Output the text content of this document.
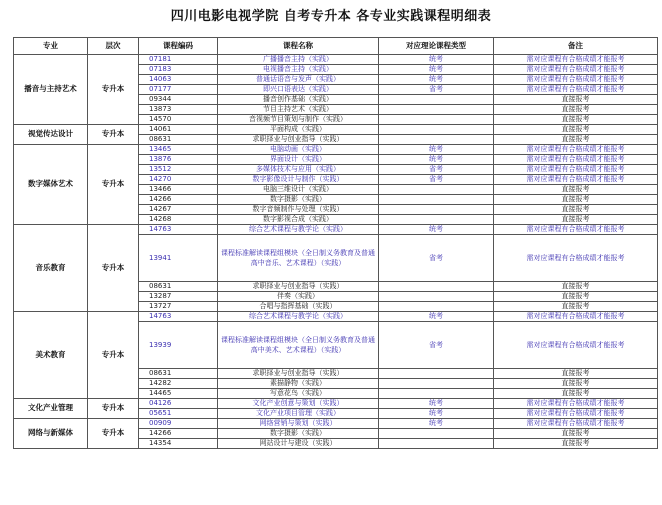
四川电影电视学院 自考专升本 各专业实践课程明细表
专业	层次	课程编码	课程名称	对应理论课程类型	备注
播音与主持艺术	专升本	07181	广播播音主持（实践）	统考	需对应课程有合格成绩才能报考
		07183	电视播音主持（实践）	统考	需对应课程有合格成绩才能报考
		14063	普通话语音与发声（实践）	统考	需对应课程有合格成绩才能报考
		07177	即兴口语表达（实践）	省考	需对应课程有合格成绩才能报考
		09344	播音创作基础（实践）		直接报考
		13873	节目主持艺术（实践）		直接报考
		14570	音视频节目策划与制作（实践）		直接报考
视觉传达设计	专升本	14061	平面构成（实践）		直接报考
		08631	求职择业与创业指导（实践）		直接报考
数字媒体艺术	专升本	13465	电脑动画（实践）	统考	需对应课程有合格成绩才能报考
		13876	界面设计（实践）	统考	需对应课程有合格成绩才能报考
		13512	多媒体技术与应用（实践）	省考	需对应课程有合格成绩才能报考
		14270	数字影像设计与制作（实践）	省考	需对应课程有合格成绩才能报考
		13466	电脑三维设计（实践）		直接报考
		14266	数字摄影（实践）		直接报考
		14267	数字音频制作与处理（实践）		直接报考
		14268	数字影视合成（实践）		直接报考
音乐教育	专升本	14763	综合艺术课程与教学论（实践）	统考	需对应课程有合格成绩才能报考
		13941	课程标准解读课程组模块（全日制义务教育及普通高中音乐、艺术课程）（实践）	省考	需对应课程有合格成绩才能报考
		08631	求职择业与创业指导（实践）		直接报考
		13287	伴奏（实践）		直接报考
		13727	合唱与指挥基础（实践）		直接报考
美术教育	专升本	14763	综合艺术课程与教学论（实践）	统考	需对应课程有合格成绩才能报考
		13939	课程标准解读课程组模块（全日制义务教育及普通高中美术、艺术课程）（实践）	省考	需对应课程有合格成绩才能报考
		08631	求职择业与创业指导（实践）		直接报考
		14282	素描静物（实践）		直接报考
		14465	写意花鸟（实践）		直接报考
文化产业管理	专升本	04126	文化产业创意与策划（实践）	统考	需对应课程有合格成绩才能报考
		05651	文化产业项目管理（实践）	统考	需对应课程有合格成绩才能报考
网络与新媒体	专升本	00909	网络营销与策划（实践）	统考	需对应课程有合格成绩才能报考
		14266	数字摄影（实践）		直接报考
		14354	网站设计与建设（实践）		直接报考
